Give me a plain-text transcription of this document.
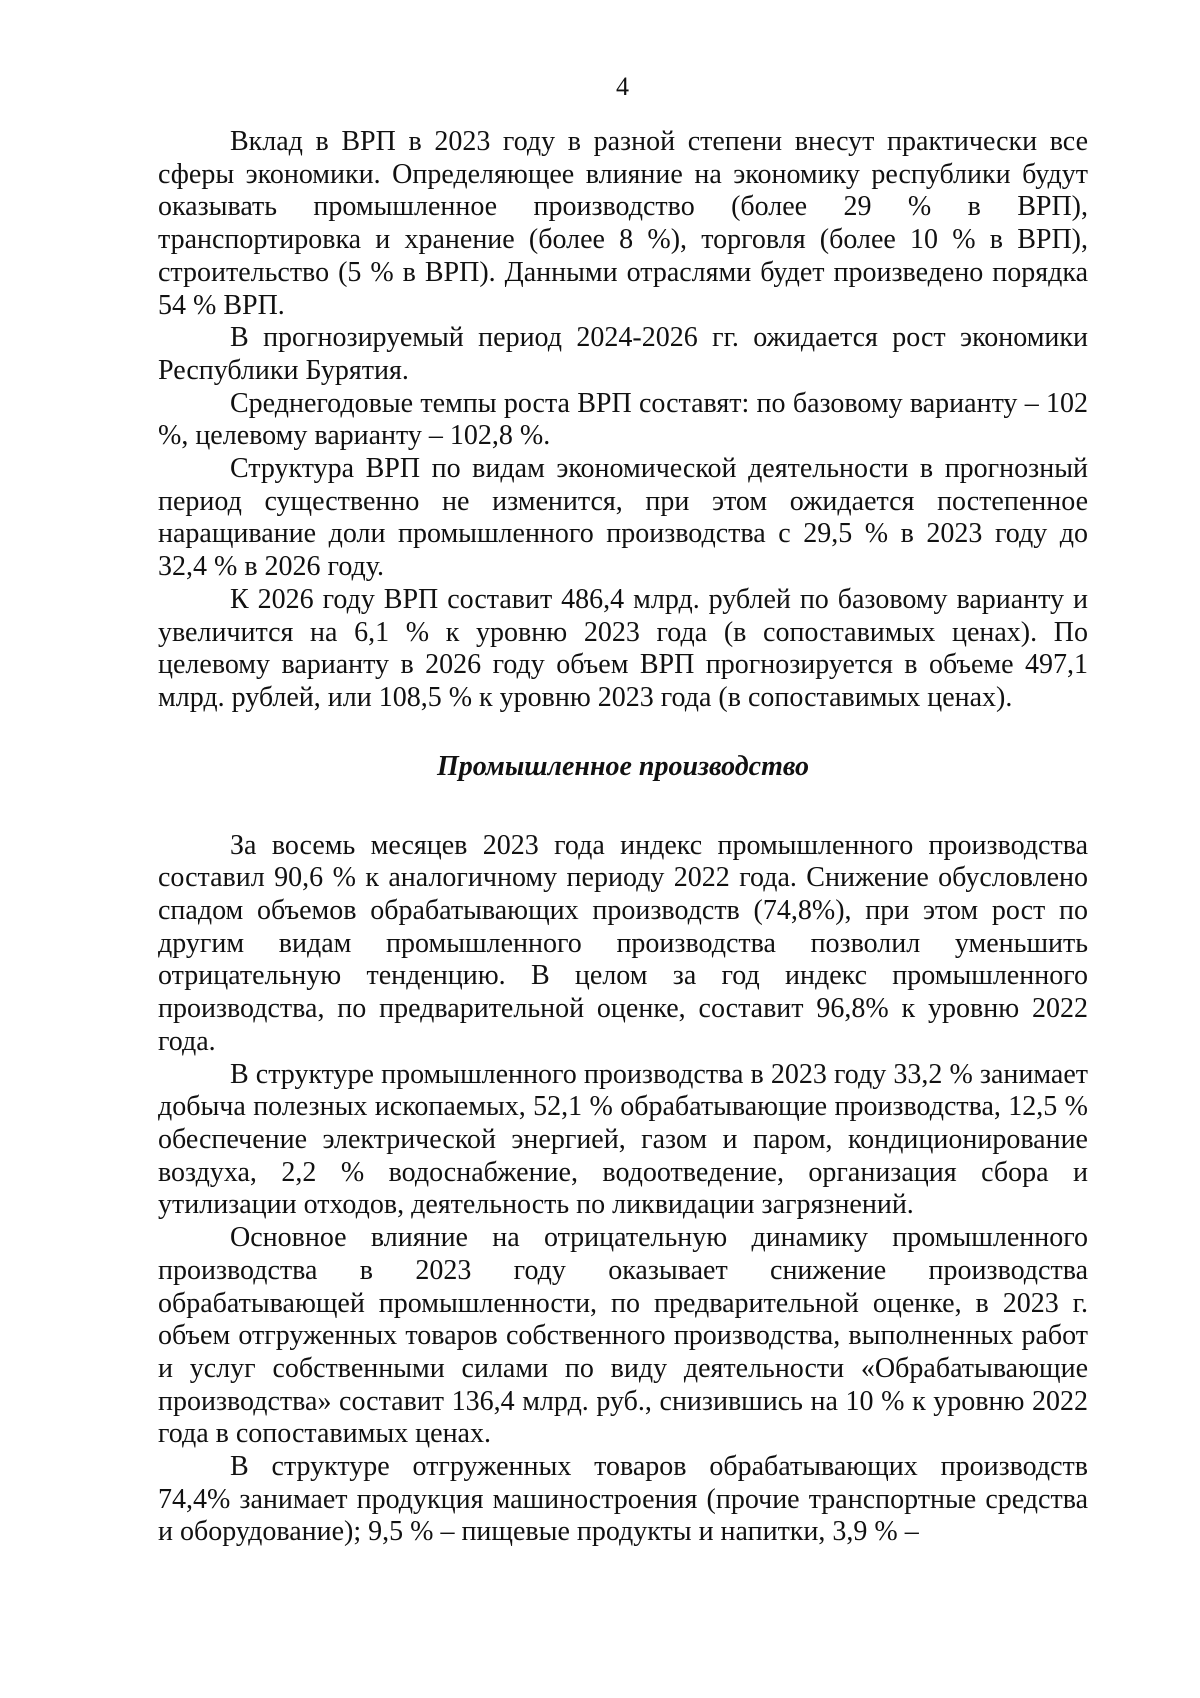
4

Вклад в ВРП в 2023 году в разной степени внесут практически все сферы экономики. Определяющее влияние на экономику республики будут оказывать промышленное производство (более 29 % в ВРП), транспортировка и хранение (более 8 %), торговля (более 10 % в ВРП), строительство (5 % в ВРП). Данными отраслями будет произведено порядка 54 % ВРП.

В прогнозируемый период 2024-2026 гг. ожидается рост экономики Республики Бурятия.

Среднегодовые темпы роста ВРП составят: по базовому варианту – 102 %, целевому варианту – 102,8 %.

Структура ВРП по видам экономической деятельности в прогнозный период существенно не изменится, при этом ожидается постепенное наращивание доли промышленного производства с 29,5 % в 2023 году до 32,4 % в 2026 году.

К 2026 году ВРП составит 486,4 млрд. рублей по базовому варианту и увеличится на 6,1 % к уровню 2023 года (в сопоставимых ценах). По целевому варианту в 2026 году объем ВРП прогнозируется в объеме 497,1 млрд. рублей, или 108,5 % к уровню 2023 года (в сопоставимых ценах).

Промышленное производство

За восемь месяцев 2023 года индекс промышленного производства составил 90,6 % к аналогичному периоду 2022 года. Снижение обусловлено спадом объемов обрабатывающих производств (74,8%), при этом рост по другим видам промышленного производства позволил уменьшить отрицательную тенденцию. В целом за год индекс промышленного производства, по предварительной оценке, составит 96,8% к уровню 2022 года.

В структуре промышленного производства в 2023 году 33,2 % занимает добыча полезных ископаемых, 52,1 % обрабатывающие производства, 12,5 % обеспечение электрической энергией, газом и паром, кондиционирование воздуха, 2,2 % водоснабжение, водоотведение, организация сбора и утилизации отходов, деятельность по ликвидации загрязнений.

Основное влияние на отрицательную динамику промышленного производства в 2023 году оказывает снижение производства обрабатывающей промышленности, по предварительной оценке, в 2023 г. объем отгруженных товаров собственного производства, выполненных работ и услуг собственными силами по виду деятельности «Обрабатывающие производства» составит 136,4 млрд. руб., снизившись на 10 % к уровню 2022 года в сопоставимых ценах.

В структуре отгруженных товаров обрабатывающих производств 74,4% занимает продукция машиностроения (прочие транспортные средства и оборудование); 9,5 % – пищевые продукты и напитки, 3,9 % –
